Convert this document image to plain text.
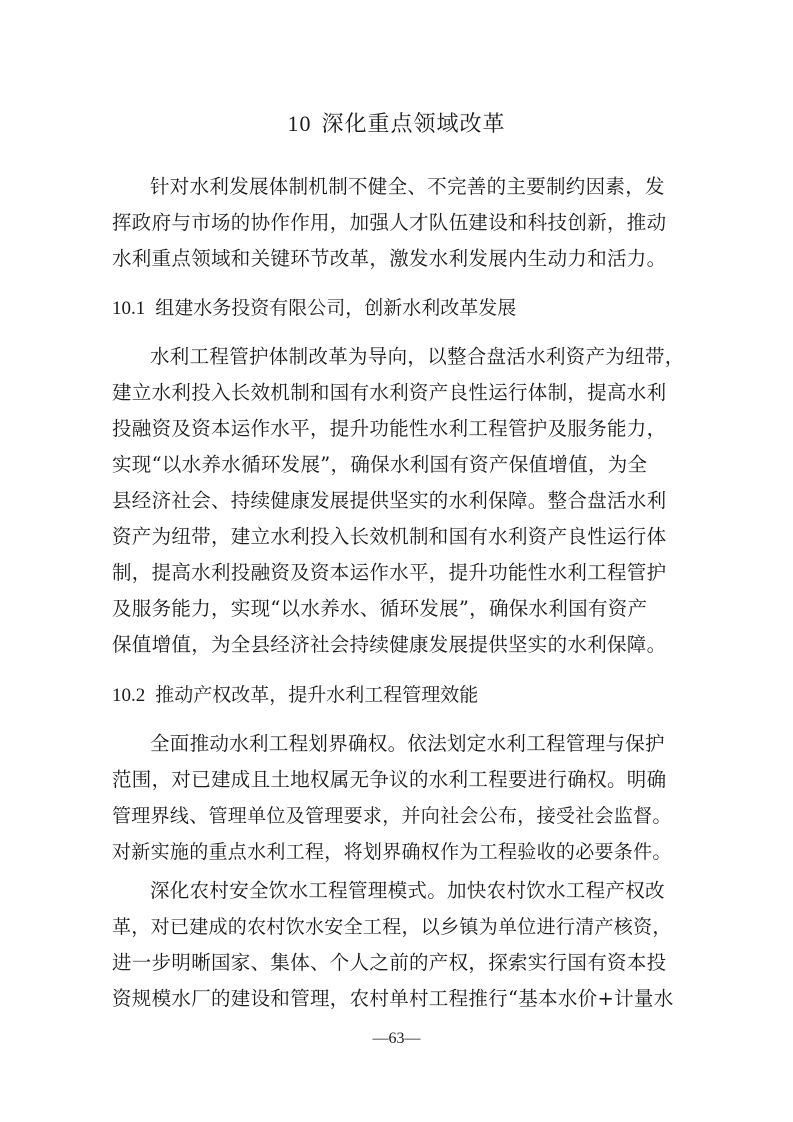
10 深化重点领域改革
针对水利发展体制机制不健全、不完善的主要制约因素，发
挥政府与市场的协作作用，加强人才队伍建设和科技创新，推动
水利重点领域和关键环节改革，激发水利发展内生动力和活力。
10.1 组建水务投资有限公司，创新水利改革发展
水利工程管护体制改革为导向，以整合盘活水利资产为纽带，
建立水利投入长效机制和国有水利资产良性运行体制，提高水利
投融资及资本运作水平，提升功能性水利工程管护及服务能力，
实现“以水养水循环发展”，确保水利国有资产保值增值，为全
县经济社会、持续健康发展提供坚实的水利保障。整合盘活水利
资产为纽带，建立水利投入长效机制和国有水利资产良性运行体
制，提高水利投融资及资本运作水平，提升功能性水利工程管护
及服务能力，实现“以水养水、循环发展”，确保水利国有资产
保值增值，为全县经济社会持续健康发展提供坚实的水利保障。
10.2 推动产权改革，提升水利工程管理效能
全面推动水利工程划界确权。依法划定水利工程管理与保护
范围，对已建成且土地权属无争议的水利工程要进行确权。明确
管理界线、管理单位及管理要求，并向社会公布，接受社会监督。
对新实施的重点水利工程，将划界确权作为工程验收的必要条件。
深化农村安全饮水工程管理模式。加快农村饮水工程产权改
革，对已建成的农村饮水安全工程，以乡镇为单位进行清产核资，
进一步明晰国家、集体、个人之前的产权，探索实行国有资本投
资规模水厂的建设和管理，农村单村工程推行“基本水价+计量水
—63—
